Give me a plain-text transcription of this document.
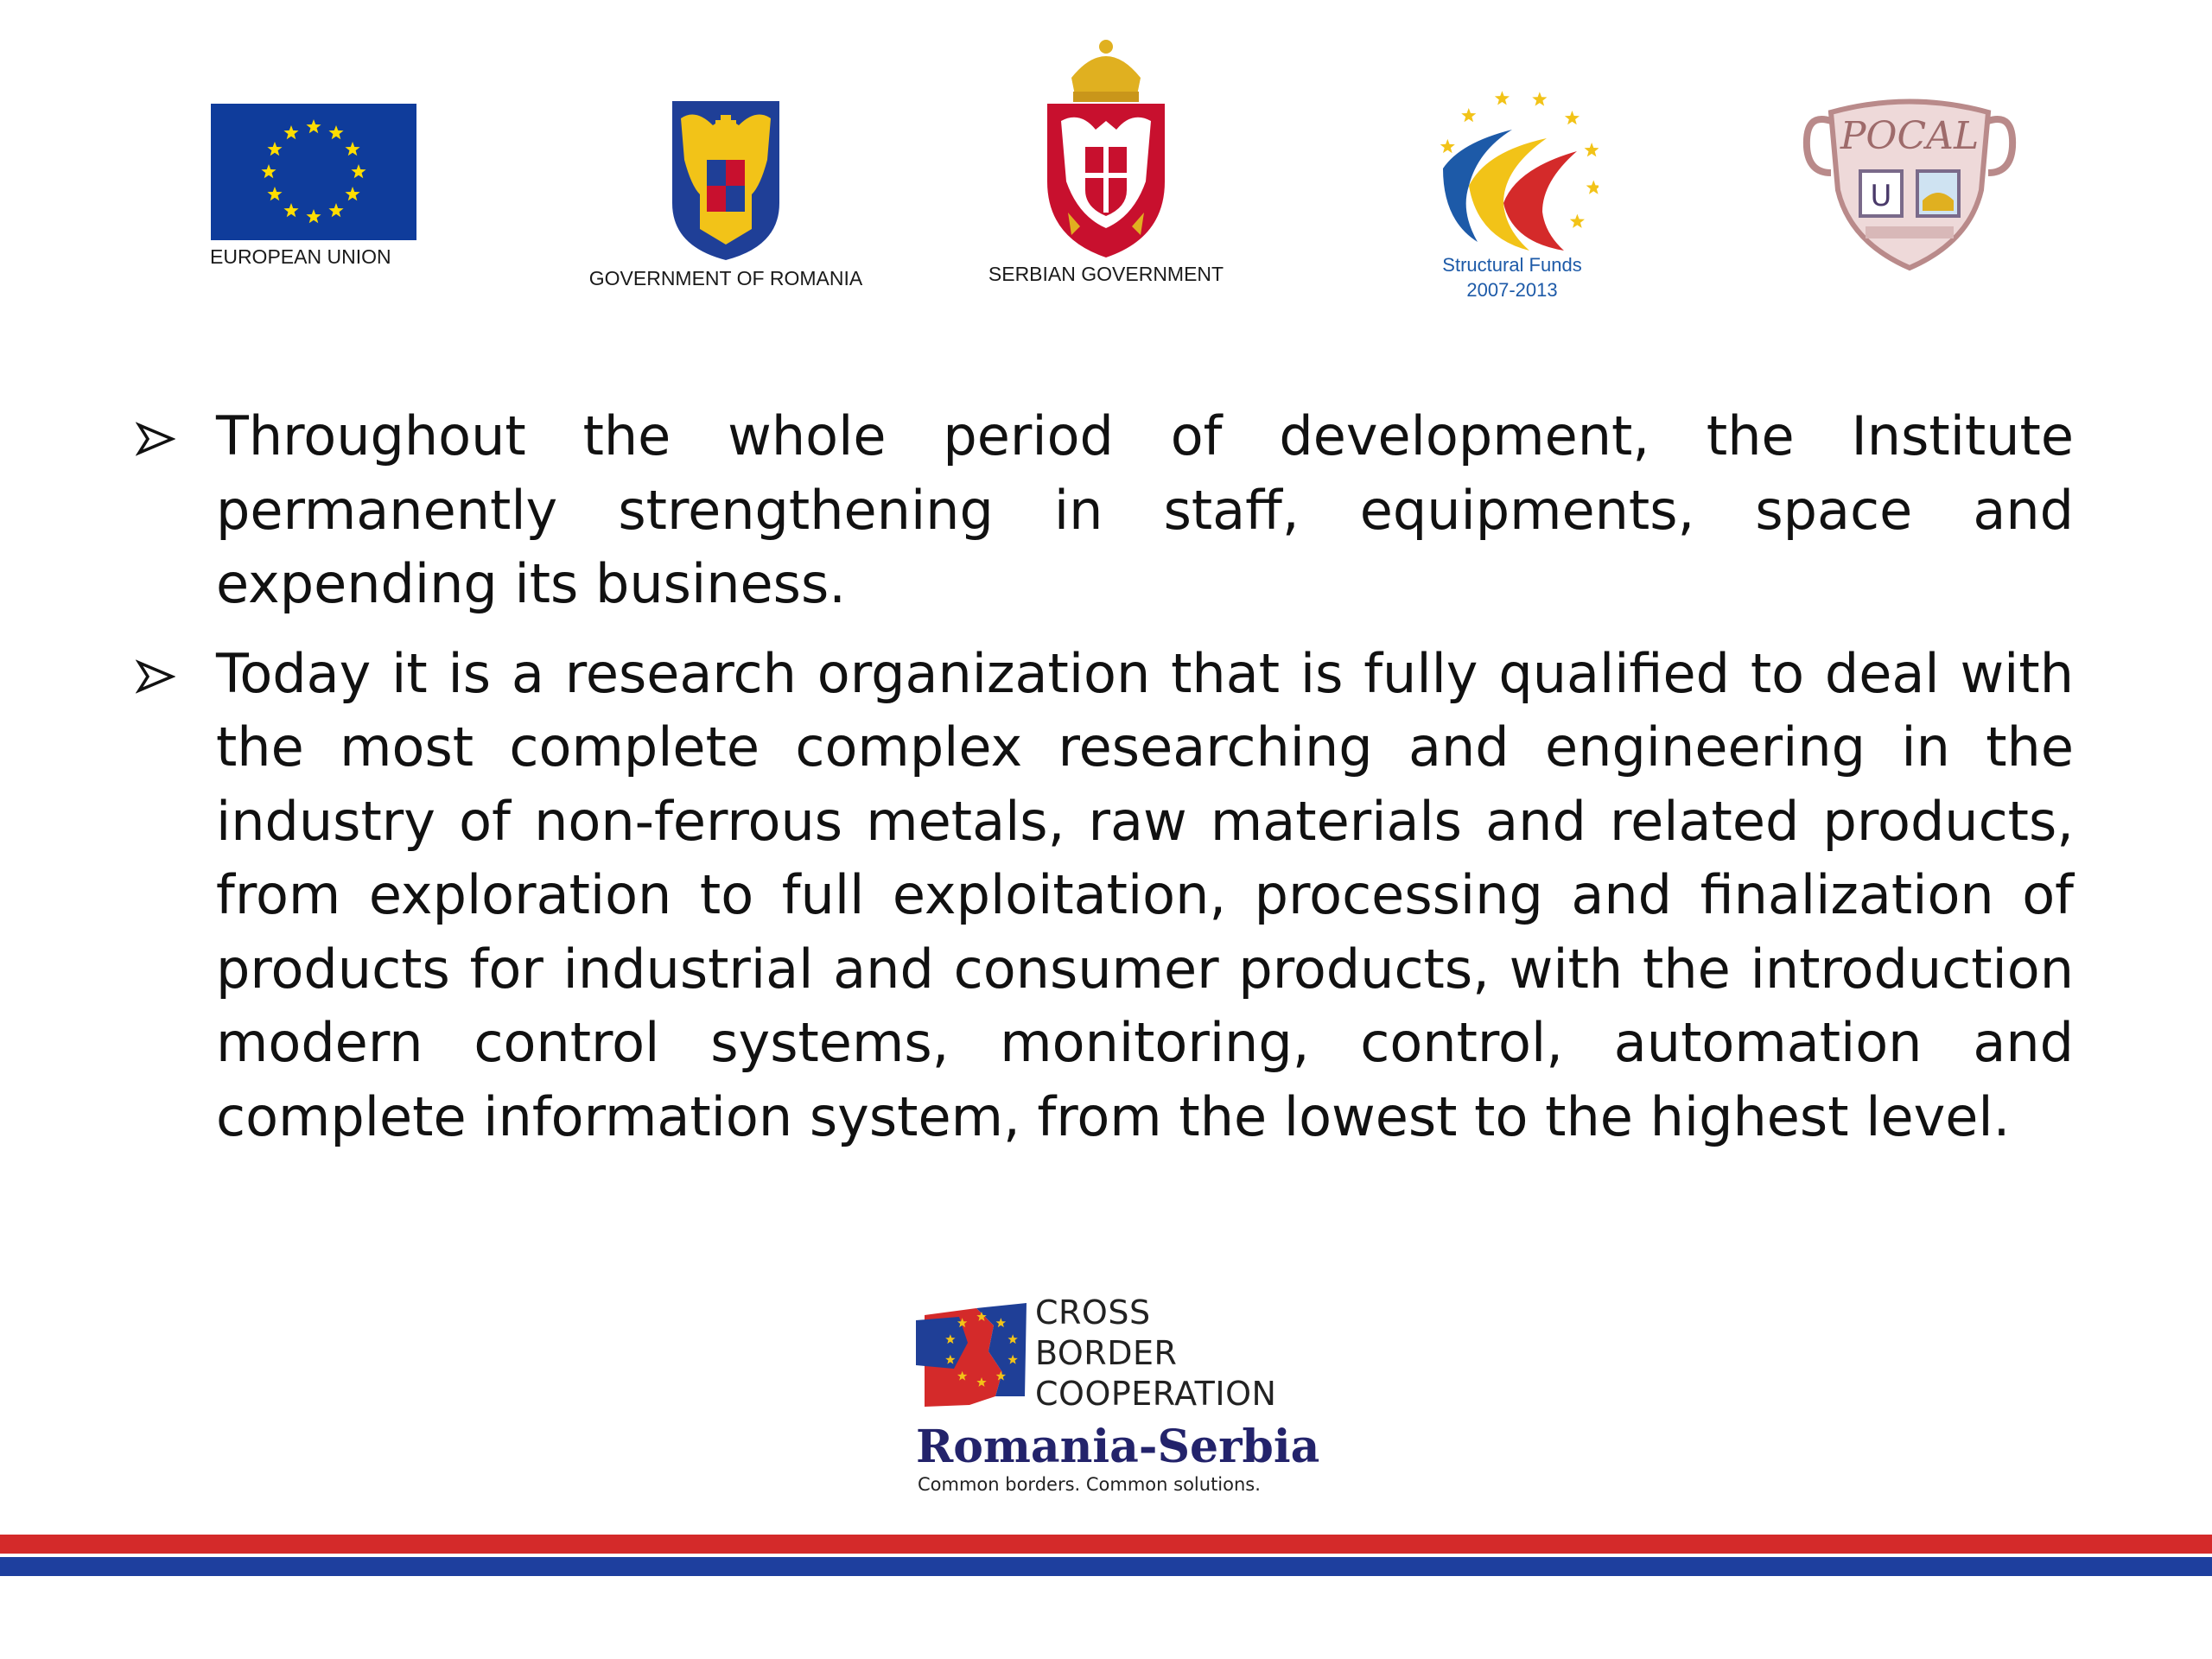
EUROPEAN UNION
GOVERNMENT OF ROMANIA	SERBIAN GOVERNMENT	Structural Funds
2007-2013
POCAL
U
Throughout the whole period of development, the Institute permanently strengthening in staff, equipments, space and expending its business.
Today it is a research organization that is fully qualified to deal with the most complete complex researching and engineering in the industry of non-ferrous metals, raw materials and related products, from exploration to full exploitation, processing and finalization of products for industrial and consumer products, with the introduction modern control systems, monitoring, control, automation and complete information system, from the lowest to the highest level.
CROSS
BORDER
COOPERATION
Romania-Serbia
Common borders. Common solutions.
